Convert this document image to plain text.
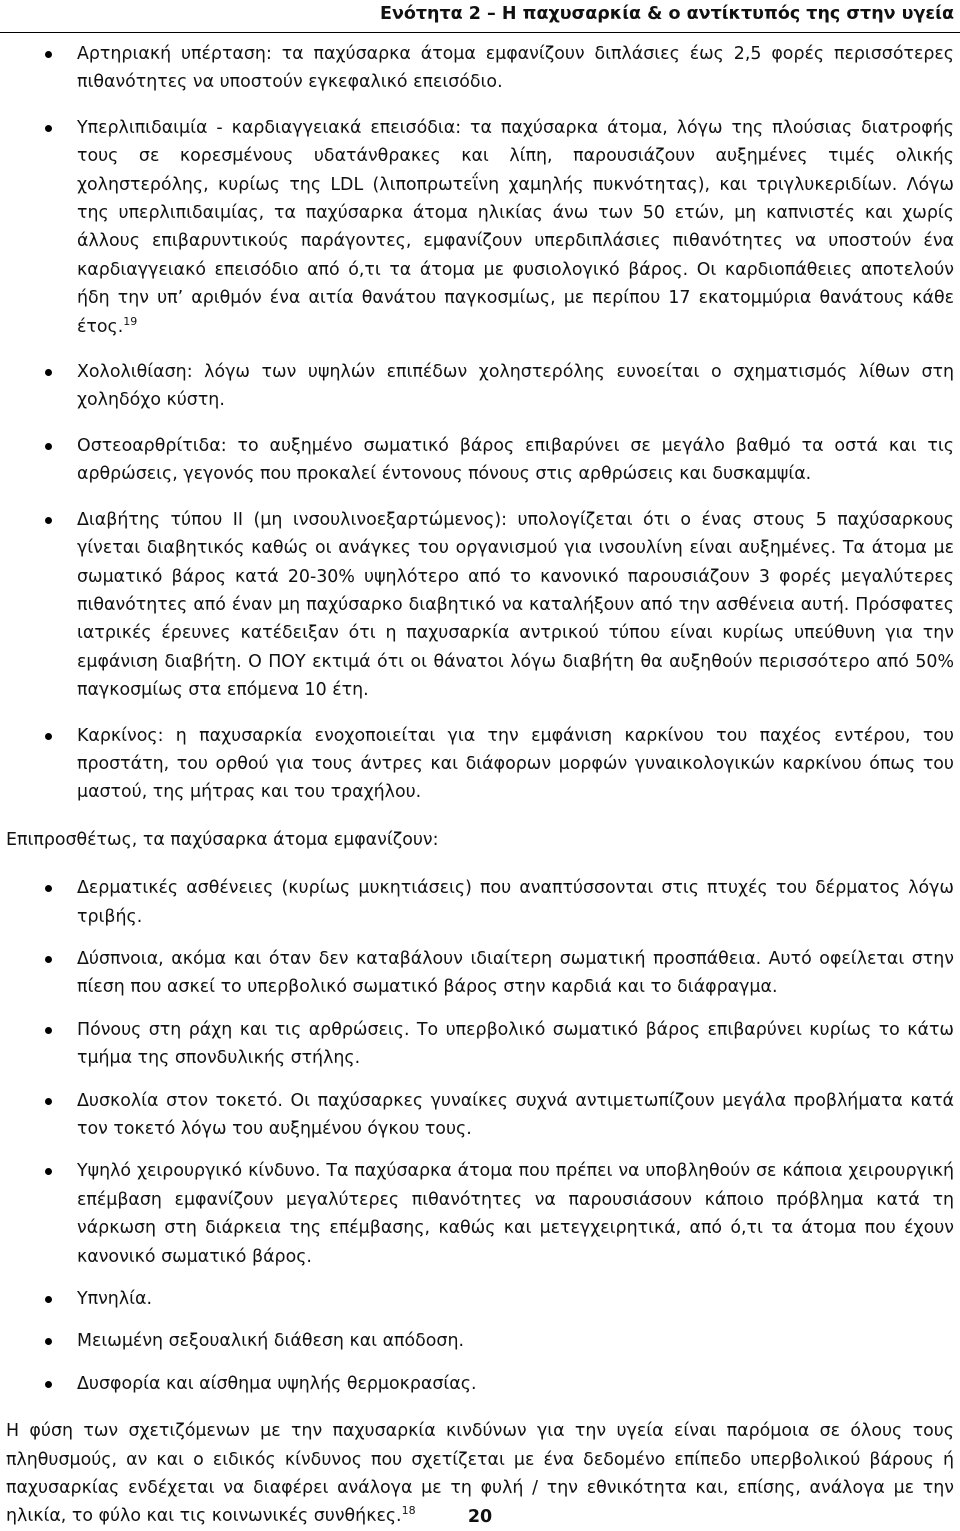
Ενότητα 2 – Η παχυσαρκία & ο αντίκτυπός της στην υγεία
Αρτηριακή υπέρταση: τα παχύσαρκα άτομα εμφανίζουν διπλάσιες έως 2,5 φορές περισσότερες πιθανότητες να υποστούν εγκεφαλικό επεισόδιο.
Υπερλιπιδαιμία - καρδιαγγειακά επεισόδια: τα παχύσαρκα άτομα, λόγω της πλούσιας διατροφής τους σε κορεσμένους υδατάνθρακες και λίπη, παρουσιάζουν αυξημένες τιμές ολικής χοληστερόλης, κυρίως της LDL (λιποπρωτεΐνη χαμηλής πυκνότητας), και τριγλυκεριδίων. Λόγω της υπερλιπιδαιμίας, τα παχύσαρκα άτομα ηλικίας άνω των 50 ετών, μη καπνιστές και χωρίς άλλους επιβαρυντικούς παράγοντες, εμφανίζουν υπερδιπλάσιες πιθανότητες να υποστούν ένα καρδιαγγειακό επεισόδιο από ό,τι τα άτομα με φυσιολογικό βάρος. Οι καρδιοπάθειες αποτελούν ήδη την υπ’ αριθμόν ένα αιτία θανάτου παγκοσμίως, με περίπου 17 εκατομμύρια θανάτους κάθε έτος.$^{19}$
Χολολιθίαση: λόγω των υψηλών επιπέδων χοληστερόλης ευνοείται ο σχηματισμός λίθων στη χοληδόχο κύστη.
Οστεοαρθρίτιδα: το αυξημένο σωματικό βάρος επιβαρύνει σε μεγάλο βαθμό τα οστά και τις αρθρώσεις, γεγονός που προκαλεί έντονους πόνους στις αρθρώσεις και δυσκαμψία.
Διαβήτης τύπου ΙΙ (μη ινσουλινοεξαρτώμενος): υπολογίζεται ότι ο ένας στους 5 παχύσαρκους γίνεται διαβητικός καθώς οι ανάγκες του οργανισμού για ινσουλίνη είναι αυξημένες. Τα άτομα με σωματικό βάρος κατά 20-30% υψηλότερο από το κανονικό παρουσιάζουν 3 φορές μεγαλύτερες πιθανότητες από έναν μη παχύσαρκο διαβητικό να καταλήξουν από την ασθένεια αυτή. Πρόσφατες ιατρικές έρευνες κατέδειξαν ότι η παχυσαρκία αντρικού τύπου είναι κυρίως υπεύθυνη για την εμφάνιση διαβήτη. Ο ΠΟΥ εκτιμά ότι οι θάνατοι λόγω διαβήτη θα αυξηθούν περισσότερο από 50% παγκοσμίως στα επόμενα 10 έτη.
Καρκίνος: η παχυσαρκία ενοχοποιείται για την εμφάνιση καρκίνου του παχέος εντέρου, του προστάτη, του ορθού για τους άντρες και διάφορων μορφών γυναικολογικών καρκίνου όπως του μαστού, της μήτρας και του τραχήλου.

Επιπροσθέτως, τα παχύσαρκα άτομα εμφανίζουν:

Δερματικές ασθένειες (κυρίως μυκητιάσεις) που αναπτύσσονται στις πτυχές του δέρματος λόγω τριβής.
Δύσπνοια, ακόμα και όταν δεν καταβάλουν ιδιαίτερη σωματική προσπάθεια. Αυτό οφείλεται στην πίεση που ασκεί το υπερβολικό σωματικό βάρος στην καρδιά και το διάφραγμα.
Πόνους στη ράχη και τις αρθρώσεις. Το υπερβολικό σωματικό βάρος επιβαρύνει κυρίως το κάτω τμήμα της σπονδυλικής στήλης.
Δυσκολία στον τοκετό. Οι παχύσαρκες γυναίκες συχνά αντιμετωπίζουν μεγάλα προβλήματα κατά τον τοκετό λόγω του αυξημένου όγκου τους.
Υψηλό χειρουργικό κίνδυνο. Τα παχύσαρκα άτομα που πρέπει να υποβληθούν σε κάποια χειρουργική επέμβαση εμφανίζουν μεγαλύτερες πιθανότητες να παρουσιάσουν κάποιο πρόβλημα κατά τη νάρκωση στη διάρκεια της επέμβασης, καθώς και μετεγχειρητικά, από ό,τι τα άτομα που έχουν κανονικό σωματικό βάρος.
Υπνηλία.
Μειωμένη σεξουαλική διάθεση και απόδοση.
Δυσφορία και αίσθημα υψηλής θερμοκρασίας.

Η φύση των σχετιζόμενων με την παχυσαρκία κινδύνων για την υγεία είναι παρόμοια σε όλους τους πληθυσμούς, αν και ο ειδικός κίνδυνος που σχετίζεται με ένα δεδομένο επίπεδο υπερβολικού βάρους ή παχυσαρκίας ενδέχεται να διαφέρει ανάλογα με τη φυλή / την εθνικότητα και, επίσης, ανάλογα με την ηλικία, το φύλο και τις κοινωνικές συνθήκες.$^{18}$	20
